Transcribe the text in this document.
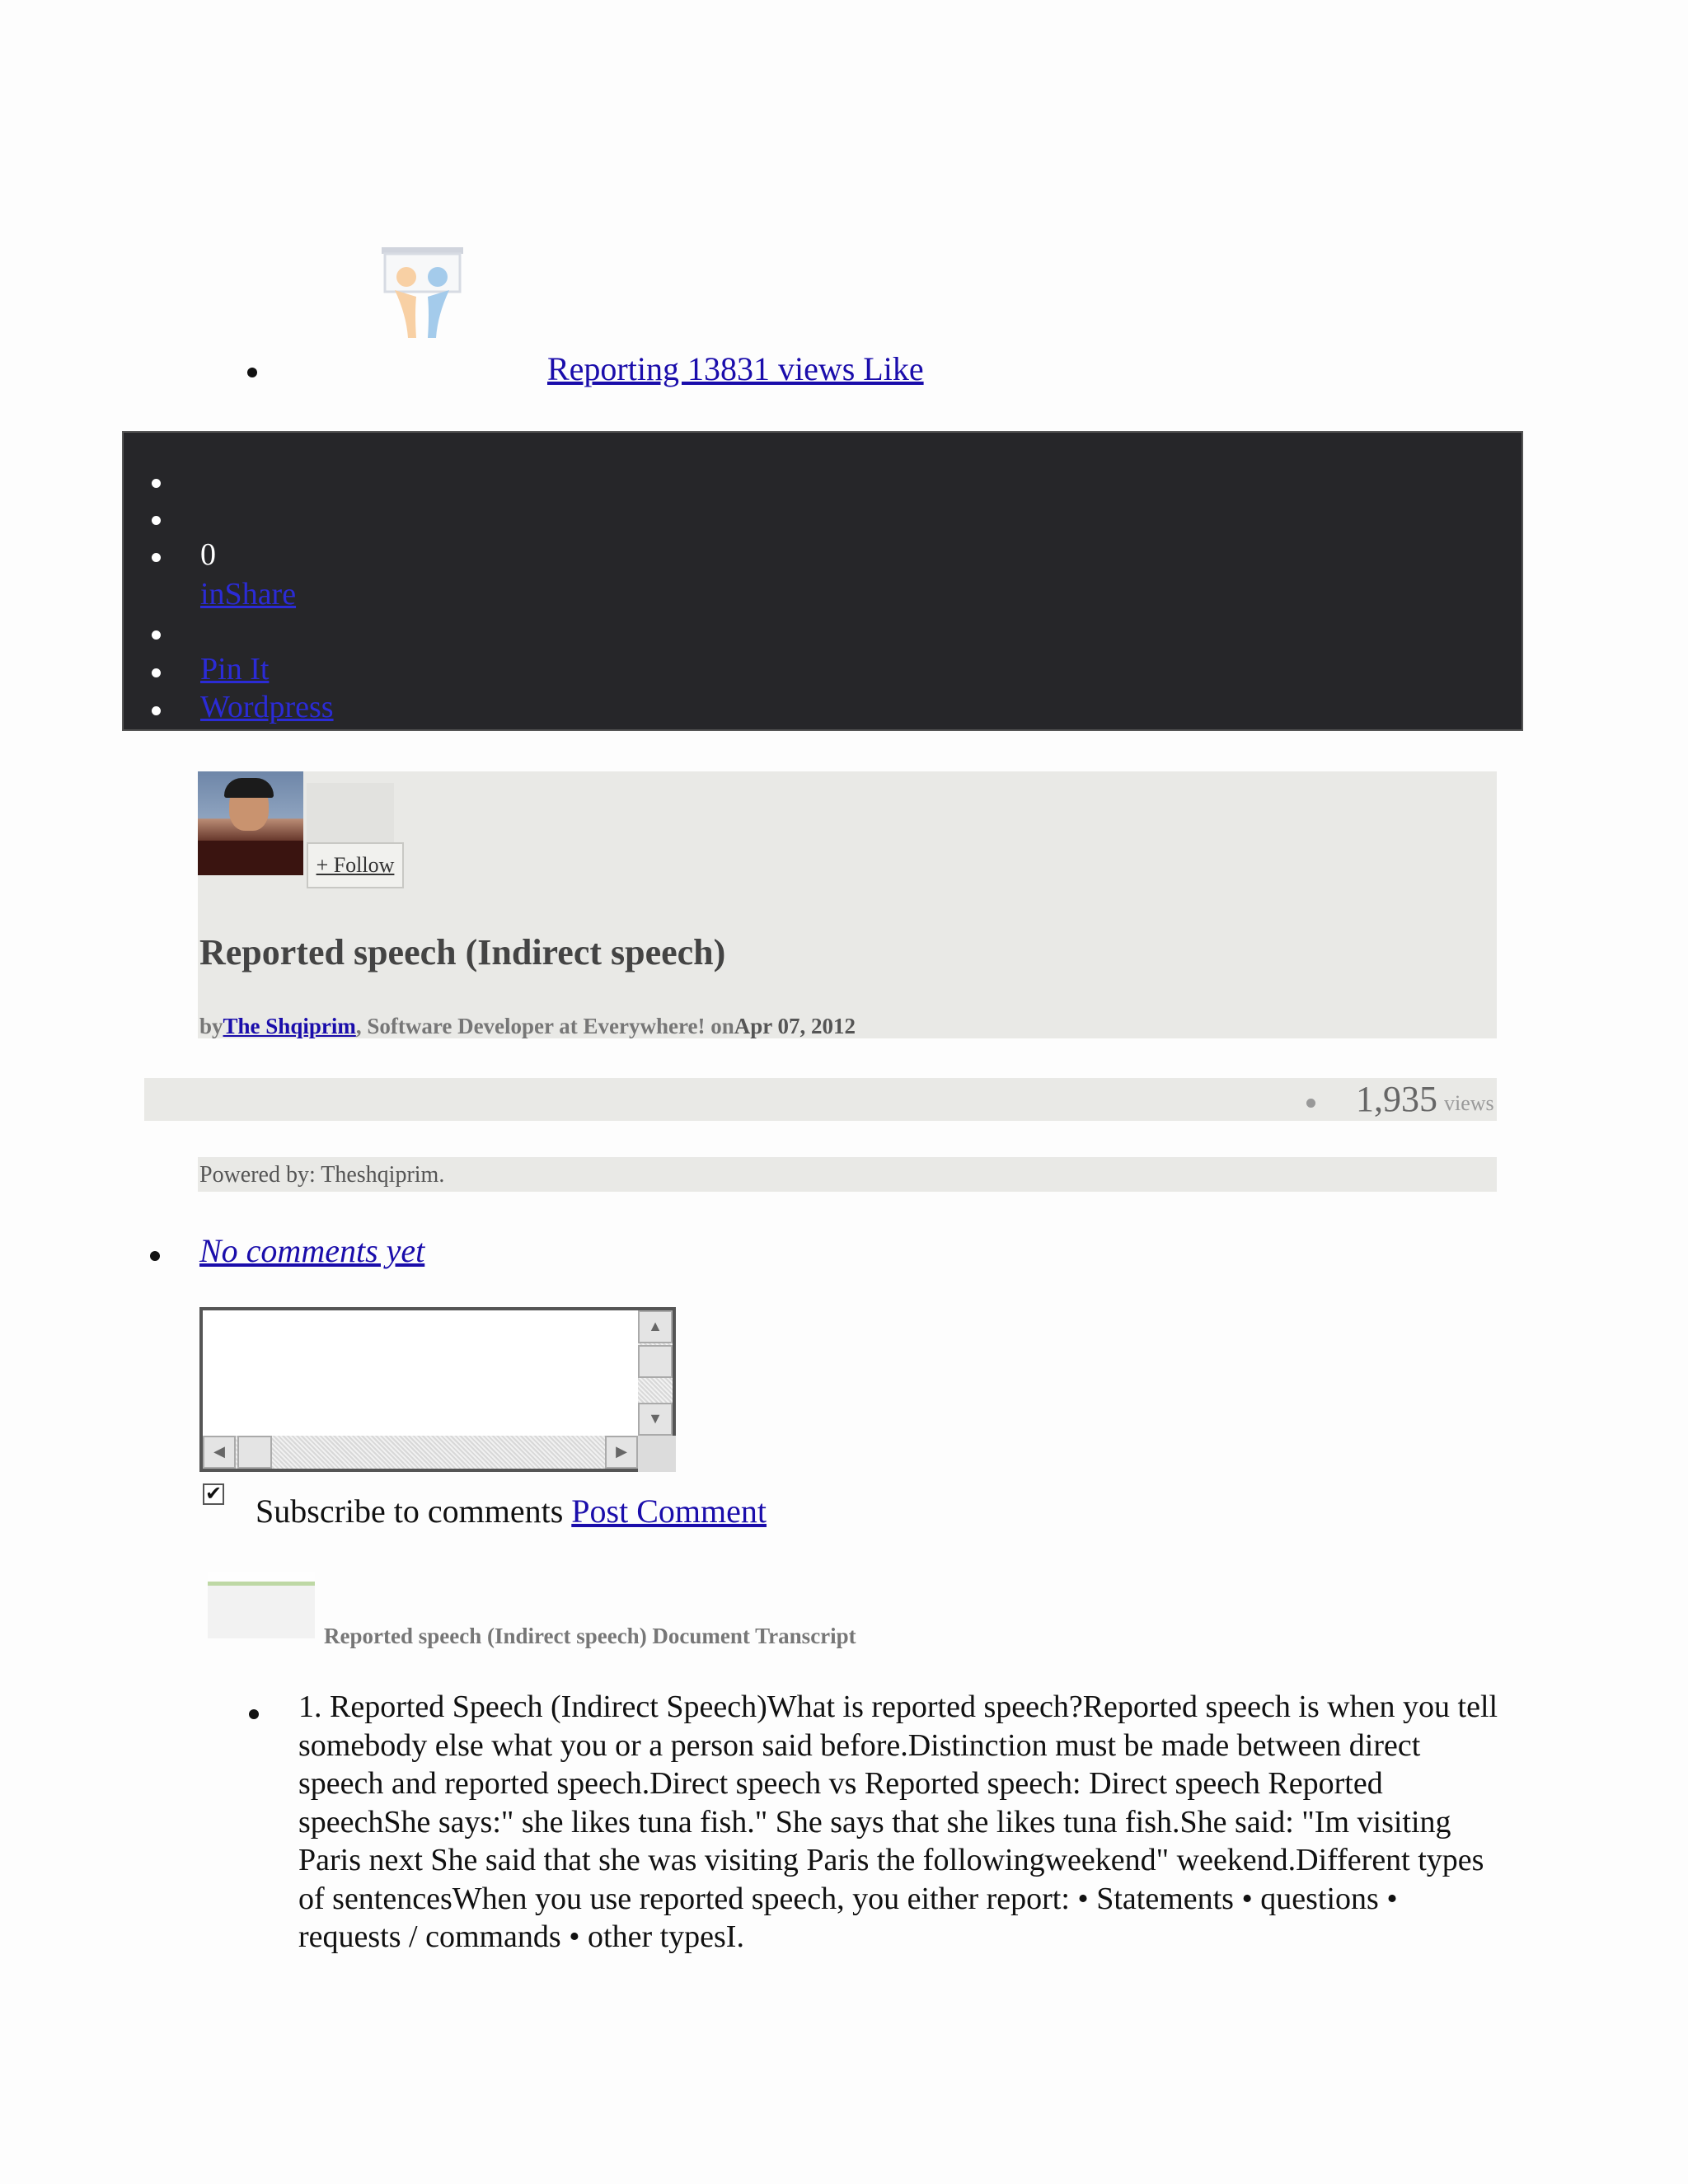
Reporting 13831 views Like
0
inShare
Pin It
Wordpress
+ Follow
Reported speech (Indirect speech)
byThe Shqiprim, Software Developer at Everywhere! onApr 07, 2012
1,935 views
Powered by: Theshqiprim.
No comments yet
▲
▼
◀	▶
✔ Subscribe to comments Post Comment
Reported speech (Indirect speech) Document Transcript
1. Reported Speech (Indirect Speech)What is reported speech?Reported speech is when you tell somebody else what you or a person said before.Distinction must be made between direct speech and reported speech.Direct speech vs Reported speech: Direct speech Reported speechShe says:" she likes tuna fish." She says that she likes tuna fish.She said: "Im visiting Paris next She said that she was visiting Paris the followingweekend" weekend.Different types of sentencesWhen you use reported speech, you either report: • Statements • questions • requests / commands • other typesI.
